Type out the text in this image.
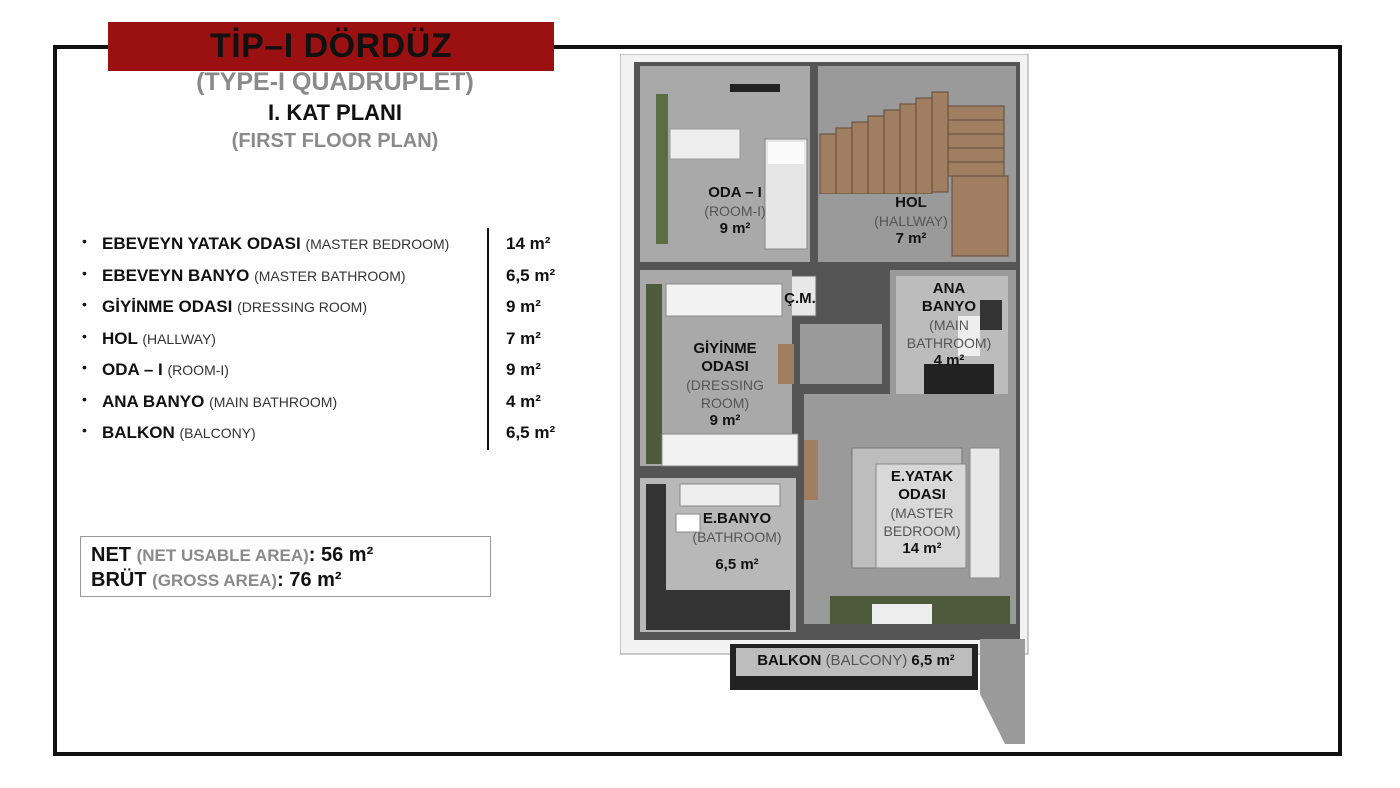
TİP–I DÖRDÜZ
(TYPE-I QUADRUPLET)
I. KAT PLANI
(FIRST FLOOR PLAN)
• EBEVEYN YATAK ODASI (MASTER BEDROOM)	14 m²
• EBEVEYN BANYO (MASTER BATHROOM)	6,5 m²
• GİYİNME ODASI (DRESSING ROOM)	9 m²
• HOL (HALLWAY)	7 m²
• ODA – I (ROOM-I)	9 m²
• ANA BANYO (MAIN BATHROOM)	4 m²
• BALKON (BALCONY)	6,5 m²
NET (NET USABLE AREA): 56 m²
BRÜT (GROSS AREA): 76 m²
ODA – I
(ROOM-I)
9 m²
HOL
(HALLWAY)
7 m²
Ç.M.
ANA
BANYO
(MAIN
BATHROOM)
4 m²
GİYİNME
ODASI
(DRESSING
ROOM)
9 m²
E.BANYO
(BATHROOM)
6,5 m²
E.YATAK
ODASI
(MASTER
BEDROOM)
14 m²
BALKON (BALCONY) 6,5 m²
